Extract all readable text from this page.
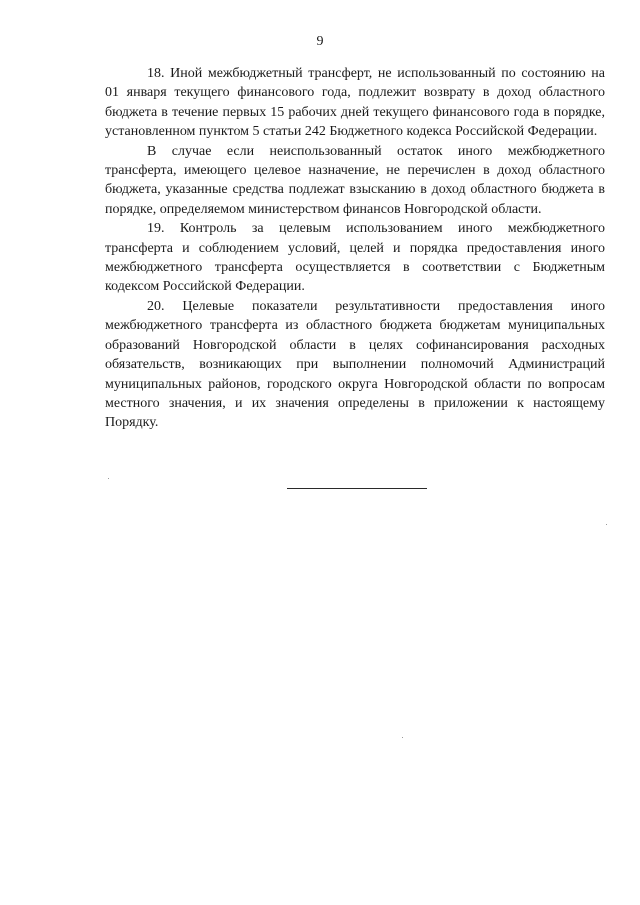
9

18. Иной межбюджетный трансферт, не использованный по состоянию на 01 января текущего финансового года, подлежит возврату в доход областного бюджета в течение первых 15 рабочих дней текущего финансового года в порядке, установленном пунктом 5 статьи 242 Бюджетного кодекса Российской Федерации.

В случае если неиспользованный остаток иного межбюджетного трансферта, имеющего целевое назначение, не перечислен в доход областного бюджета, указанные средства подлежат взысканию в доход областного бюджета в порядке, определяемом министерством финансов Новгородской области.

19. Контроль за целевым использованием иного межбюджетного трансферта и соблюдением условий, целей и порядка предоставления иного межбюджетного трансферта осуществляется в соответствии с Бюджетным кодексом Российской Федерации.

20. Целевые показатели результативности предоставления иного межбюджетного трансферта из областного бюджета бюджетам муниципальных образований Новгородской области в целях софинансирования расходных обязательств, возникающих при выполнении полномочий Администраций муниципальных районов, городского округа Новгородской области по вопросам местного значения, и их значения определены в приложении к настоящему Порядку.
